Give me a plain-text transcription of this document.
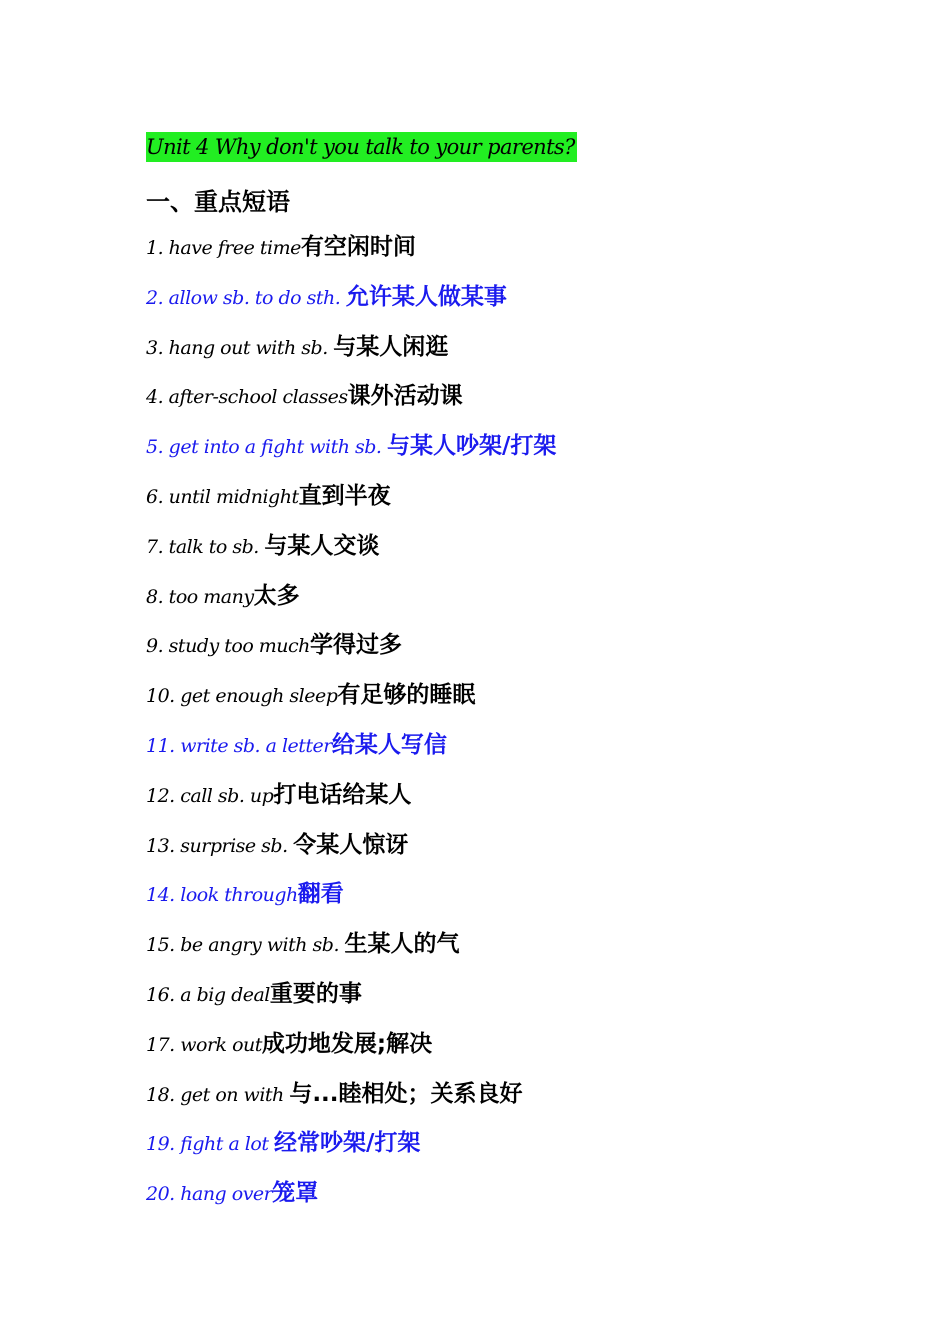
Unit 4 Why don't you talk to your parents?
一、重点短语
1. have free time有空闲时间
2. allow sb. to do sth. 允许某人做某事
3. hang out with sb. 与某人闲逛
4. after-school classes课外活动课
5. get into a fight with sb. 与某人吵架/打架
6. until midnight直到半夜
7. talk to sb. 与某人交谈
8. too many太多
9. study too much学得过多
10. get enough sleep有足够的睡眠
11. write sb. a letter给某人写信
12. call sb. up打电话给某人
13. surprise sb. 令某人惊讶
14. look through翻看
15. be angry with sb. 生某人的气
16. a big deal重要的事
17. work out成功地发展;解决
18. get on with 与...睦相处；关系良好
19. fight a lot 经常吵架/打架
20. hang over笼罩
